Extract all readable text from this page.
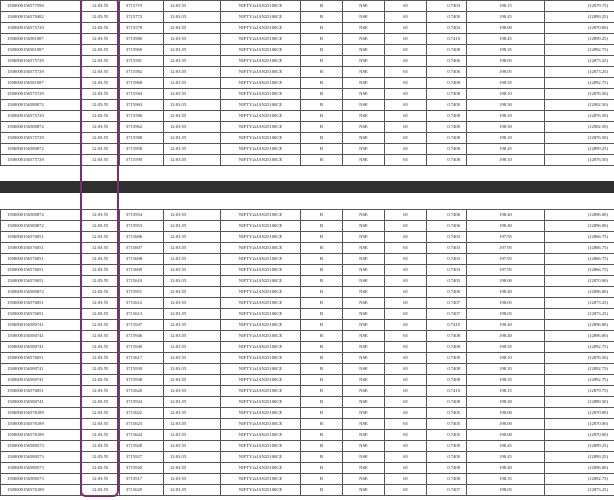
1500000156577590	12:03:55	3715719	12:03:55	NIFTY2sJAN25100CE	B	NSE	65	0.7403	198.15	(12879.75)
1500000156578482	12:03:55	3715772	12:03:55	NIFTY2sJAN25100CE	B	NSE	65	0.7409	198.45	(12899.25)
1500000156575729	12:03:55	3715578	12:03:55	NIFTY2sJAN25100CE	B	NSE	65	0.7404	198.00	(12870.00)
1500000156581087	12:03:55	3715980	12:03:55	NIFTY2sJAN25100CE	B	NSE	65	0.7410	198.45	(12899.25)
1500000156581087	12:03:55	3715969	12:03:55	NIFTY2sJAN25100CE	B	NSE	65	0.7408	198.35	(12892.75)
1500000156575729	12:03:55	3715581	12:03:55	NIFTY2sJAN25100CE	B	NSE	65	0.7406	198.05	(12873.25)
1500000156575729	12:03:55	3715582	12:03:55	NIFTY2sJAN25100CE	B	NSE	65	0.7406	198.05	(12873.25)
1500000156581087	12:03:55	3715968	12:03:55	NIFTY2sJAN25100CE	B	NSE	65	0.7408	198.35	(12892.75)
1500000156575729	12:03:55	3715584	12:03:55	NIFTY2sJAN25100CE	B	NSE	65	0.7408	198.10	(12876.50)
1500000156580872	12:03:55	3715963	12:03:55	NIFTY2sJAN25100CE	B	NSE	65	0.7409	198.50	(12902.50)
1500000156575729	12:03:55	3715586	12:03:55	NIFTY2sJAN25100CE	B	NSE	65	0.7408	198.10	(12876.50)
1500000156580872	12:03:55	3715962	12:03:55	NIFTY2sJAN25100CE	B	NSE	65	0.7409	198.50	(12902.50)
1500000156575729	12:03:55	3715588	12:03:55	NIFTY2sJAN25100CE	B	NSE	65	0.7408	198.10	(12876.50)
1500000156580872	12:03:55	3715958	12:03:55	NIFTY2sJAN25100CE	B	NSE	65	0.7408	198.45	(12899.25)
1500000156575729	12:03:55	3715590	12:03:55	NIFTY2sJAN25100CE	B	NSE	65	0.7408	198.10	(12876.50)
1500000156580872	12:03:55	3715954	12:03:55	NIFTY2sJAN25100CE	B	NSE	65	0.7406	198.40	(12896.00)
1500000156580872	12:03:55	3715953	12:03:55	NIFTY2sJAN25100CE	B	NSE	65	0.7406	198.40	(12896.00)
1500000156576051	12:03:55	3715606	12:03:55	NIFTY2sJAN25100CE	B	NSE	65	0.7403	197.95	(12866.75)
1500000156576051	12:03:55	3715607	12:03:55	NIFTY2sJAN25100CE	B	NSE	65	0.7403	197.95	(12866.75)
1500000156576051	12:03:55	3715608	12:03:55	NIFTY2sJAN25100CE	B	NSE	65	0.7403	197.95	(12866.75)
1500000156576051	12:03:55	3715609	12:03:55	NIFTY2sJAN25100CE	B	NSE	65	0.7403	197.95	(12866.75)
1500000156576051	12:03:55	3715610	12:03:55	NIFTY2sJAN25100CE	B	NSE	65	0.7405	198.00	(12870.00)
1500000156580872	12:03:55	3715951	12:03:55	NIFTY2sJAN25100CE	B	NSE	65	0.7406	198.40	(12896.00)
1500000156576051	12:03:55	3715612	12:03:55	NIFTY2sJAN25100CE	B	NSE	65	0.7407	198.05	(12873.25)
1500000156576051	12:03:55	3715613	12:03:55	NIFTY2sJAN25100CE	B	NSE	65	0.7407	198.05	(12873.25)
1500000156580741	12:03:55	3715947	12:03:55	NIFTY2sJAN25100CE	B	NSE	65	0.7410	198.40	(12896.00)
1500000156580741	12:03:55	3715946	12:03:55	NIFTY2sJAN25100CE	B	NSE	65	0.7408	198.40	(12896.00)
1500000156580741	12:03:55	3715940	12:03:55	NIFTY2sJAN25100CE	B	NSE	65	0.7408	198.35	(12892.75)
1500000156576051	12:03:55	3715617	12:03:55	NIFTY2sJAN25100CE	B	NSE	65	0.7409	198.10	(12876.50)
1500000156580741	12:03:55	3715939	12:03:55	NIFTY2sJAN25100CE	B	NSE	65	0.7408	198.35	(12892.75)
1500000156580741	12:03:55	3715938	12:03:55	NIFTY2sJAN25100CE	B	NSE	65	0.7408	198.35	(12892.75)
1500000156576051	12:03:55	3715620	12:03:55	NIFTY2sJAN25100CE	B	NSE	65	0.7410	198.15	(12879.75)
1500000156580741	12:03:55	3715934	12:03:55	NIFTY2sJAN25100CE	B	NSE	65	0.7408	198.30	(12889.50)
1500000156576189	12:03:55	3715622	12:03:55	NIFTY2sJAN25100CE	B	NSE	65	0.7405	198.00	(12870.00)
1500000156576189	12:03:55	3715623	12:03:55	NIFTY2sJAN25100CE	B	NSE	65	0.7405	198.00	(12870.00)
1500000156576189	12:03:55	3715624	12:03:55	NIFTY2sJAN25100CE	B	NSE	65	0.7405	198.00	(12870.00)
1500000156580573	12:03:55	3715928	12:03:55	NIFTY2sJAN25100CE	B	NSE	65	0.7409	198.45	(12899.25)
1500000156580573	12:03:55	3715927	12:03:55	NIFTY2sJAN25100CE	B	NSE	65	0.7409	198.45	(12899.25)
1500000156580573	12:03:55	3715920	12:03:55	NIFTY2sJAN25100CE	B	NSE	65	0.7408	198.40	(12896.00)
1500000156580573	12:03:55	3715917	12:03:55	NIFTY2sJAN25100CE	B	NSE	65	0.7408	198.35	(12892.75)
1500000156576189	12:03:55	3715629	12:03:55	NIFTY2sJAN25100CE	B	NSE	65	0.7407	198.05	(12873.25)
